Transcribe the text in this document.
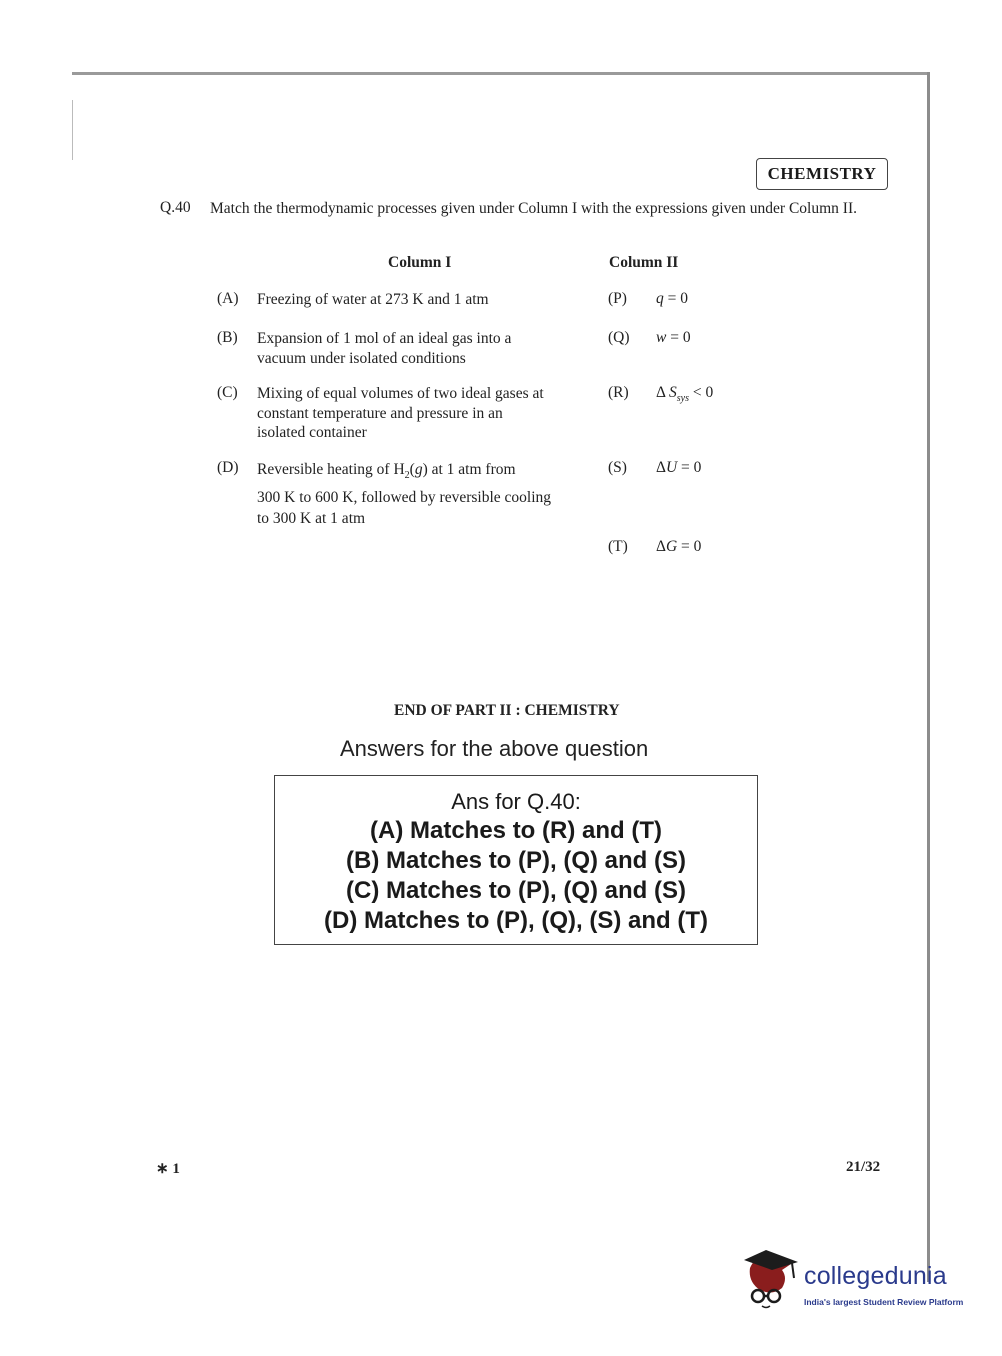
CHEMISTRY
Q.40 Match the thermodynamic processes given under Column I with the expressions given under Column II.
Column I	Column II
(A) Freezing of water at 273 K and 1 atm
(B) Expansion of 1 mol of an ideal gas into a
vacuum under isolated conditions
(C) Mixing of equal volumes of two ideal gases at
constant temperature and pressure in an
isolated container
(D) Reversible heating of $H_2(g)$ at 1 atm from
300 K to 600 K, followed by reversible cooling
to 300 K at 1 atm
(P) q = 0
(Q) w = 0
(R) Δ $S_{sys} < 0$
(S) ΔU = 0
(T) ΔG = 0
END OF PART II : CHEMISTRY
Answers for the above question
Ans for Q.40:
(A) Matches to (R) and (T)
(B) Matches to (P), (Q) and (S)
(C) Matches to (P), (Q) and (S)
(D) Matches to (P), (Q), (S) and (T)
∗ 1	21/32
collegedunia
India's largest Student Review Platform
